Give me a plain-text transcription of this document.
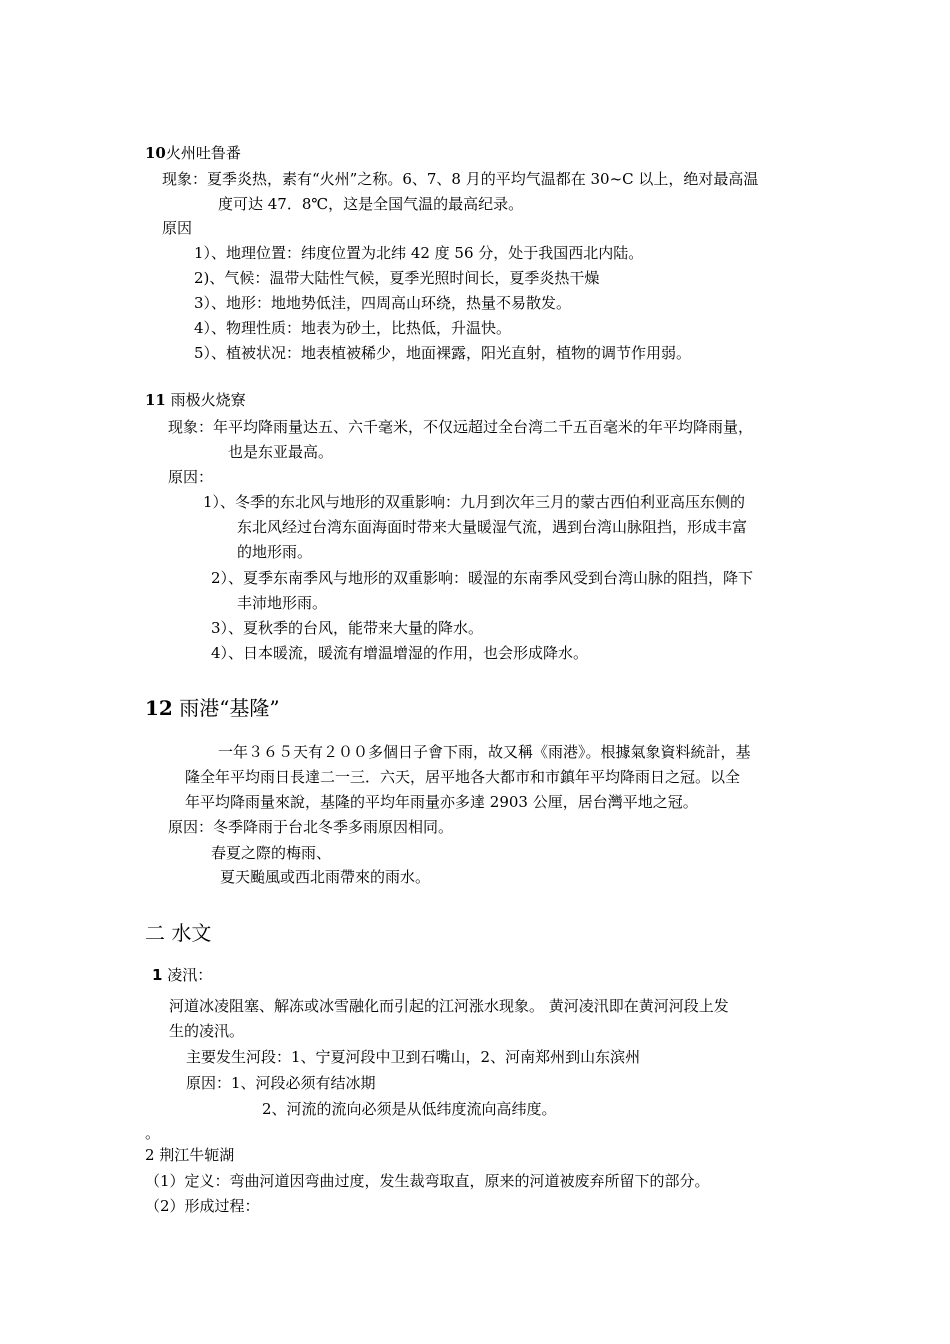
10火州吐鲁番
现象：夏季炎热，素有“火州”之称。6、7、8 月的平均气温都在 30~C 以上，绝对最高温
度可达 47．8℃，这是全国气温的最高纪录。
原因
1）、地理位置：纬度位置为北纬 42 度 56 分，处于我国西北内陆。
2)、气候：温带大陆性气候，夏季光照时间长，夏季炎热干燥
3）、地形：地地势低洼，四周高山环绕，热量不易散发。
4）、物理性质：地表为砂土，比热低，升温快。
5）、植被状况：地表植被稀少，地面裸露，阳光直射，植物的调节作用弱。
11 雨极火烧寮
现象：年平均降雨量达五、六千毫米，不仅远超过全台湾二千五百毫米的年平均降雨量，
也是东亚最高。
原因：
1）、冬季的东北风与地形的双重影响：九月到次年三月的蒙古西伯利亚高压东侧的
东北风经过台湾东面海面时带来大量暖湿气流，遇到台湾山脉阻挡，形成丰富
的地形雨。
2）、夏季东南季风与地形的双重影响：暖湿的东南季风受到台湾山脉的阻挡，降下
丰沛地形雨。
3）、夏秋季的台风，能带来大量的降水。
4）、日本暖流，暖流有增温增湿的作用，也会形成降水。
12 雨港“基隆”
一年３６５天有２００多個日子會下雨，故又稱《雨港》。根據氣象資料統計，基
隆全年平均雨日長達二一三．六天，居平地各大都市和市鎮年平均降雨日之冠。以全
年平均降雨量來說，基隆的平均年雨量亦多達 2903 公厘，居台灣平地之冠。
原因：冬季降雨于台北冬季多雨原因相同。
春夏之際的梅雨、
夏天颱風或西北雨帶來的雨水。
二 水文
1 凌汛：
河道冰凌阻塞、解冻或冰雪融化而引起的江河涨水现象。 黄河凌汛即在黄河河段上发
生的凌汛。
主要发生河段：1、宁夏河段中卫到石嘴山，2、河南郑州到山东滨州
原因：1、河段必须有结冰期
2、河流的流向必须是从低纬度流向高纬度。
。
2 荆江牛轭湖
（1）定义：弯曲河道因弯曲过度，发生裁弯取直，原来的河道被废弃所留下的部分。
（2）形成过程：
